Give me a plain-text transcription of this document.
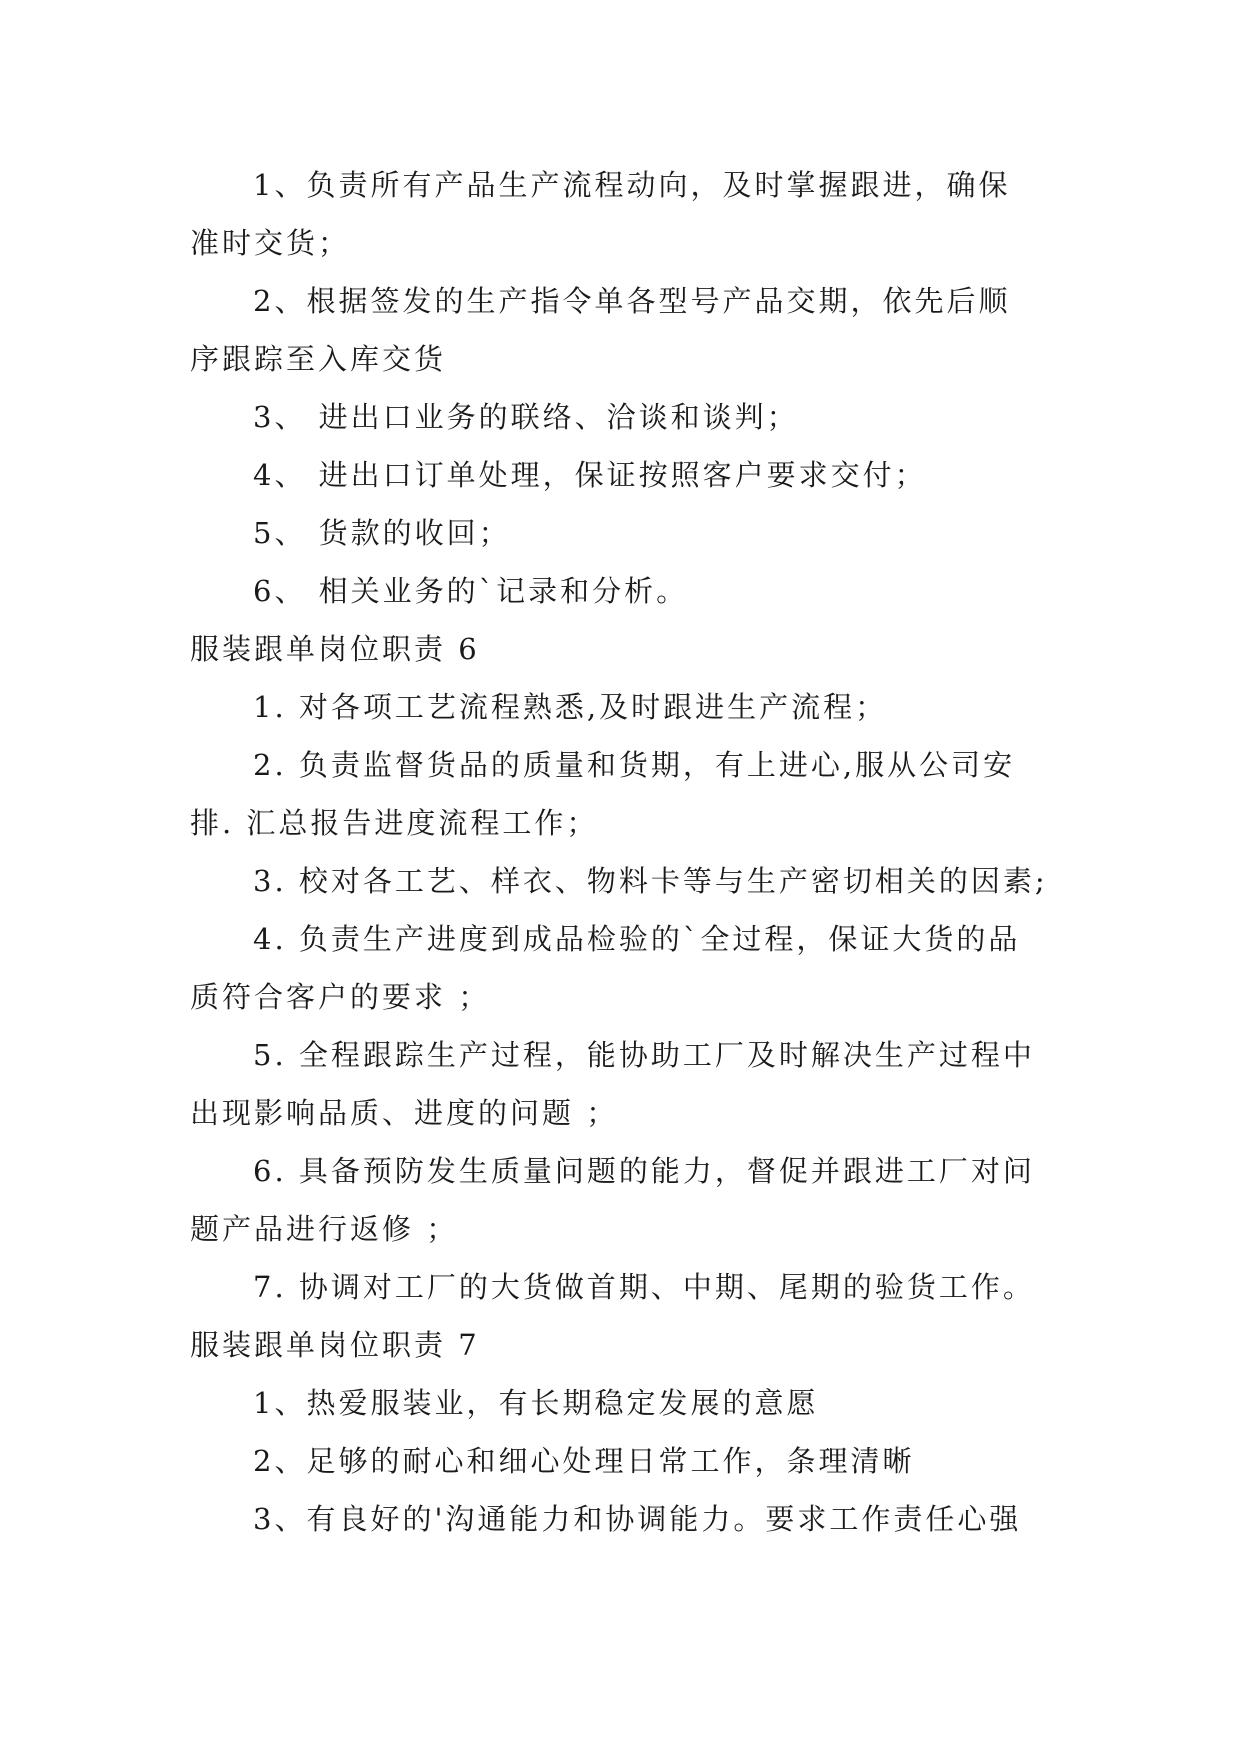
1、负责所有产品生产流程动向，及时掌握跟进，确保
准时交货；
2、根据签发的生产指令单各型号产品交期，依先后顺
序跟踪至入库交货
3、 进出口业务的联络、洽谈和谈判；
4、 进出口订单处理，保证按照客户要求交付；
5、 货款的收回；
6、 相关业务的`记录和分析。
服装跟单岗位职责 6
1. 对各项工艺流程熟悉,及时跟进生产流程；
2. 负责监督货品的质量和货期，有上进心,服从公司安
排. 汇总报告进度流程工作；
3. 校对各工艺、样衣、物料卡等与生产密切相关的因素;
4. 负责生产进度到成品检验的`全过程，保证大货的品
质符合客户的要求 ；
5. 全程跟踪生产过程，能协助工厂及时解决生产过程中
出现影响品质、进度的问题 ；
6. 具备预防发生质量问题的能力，督促并跟进工厂对问
题产品进行返修 ；
7. 协调对工厂的大货做首期、中期、尾期的验货工作。
服装跟单岗位职责 7
1、热爱服装业，有长期稳定发展的意愿
2、足够的耐心和细心处理日常工作，条理清晰
3、有良好的'沟通能力和协调能力。要求工作责任心强
